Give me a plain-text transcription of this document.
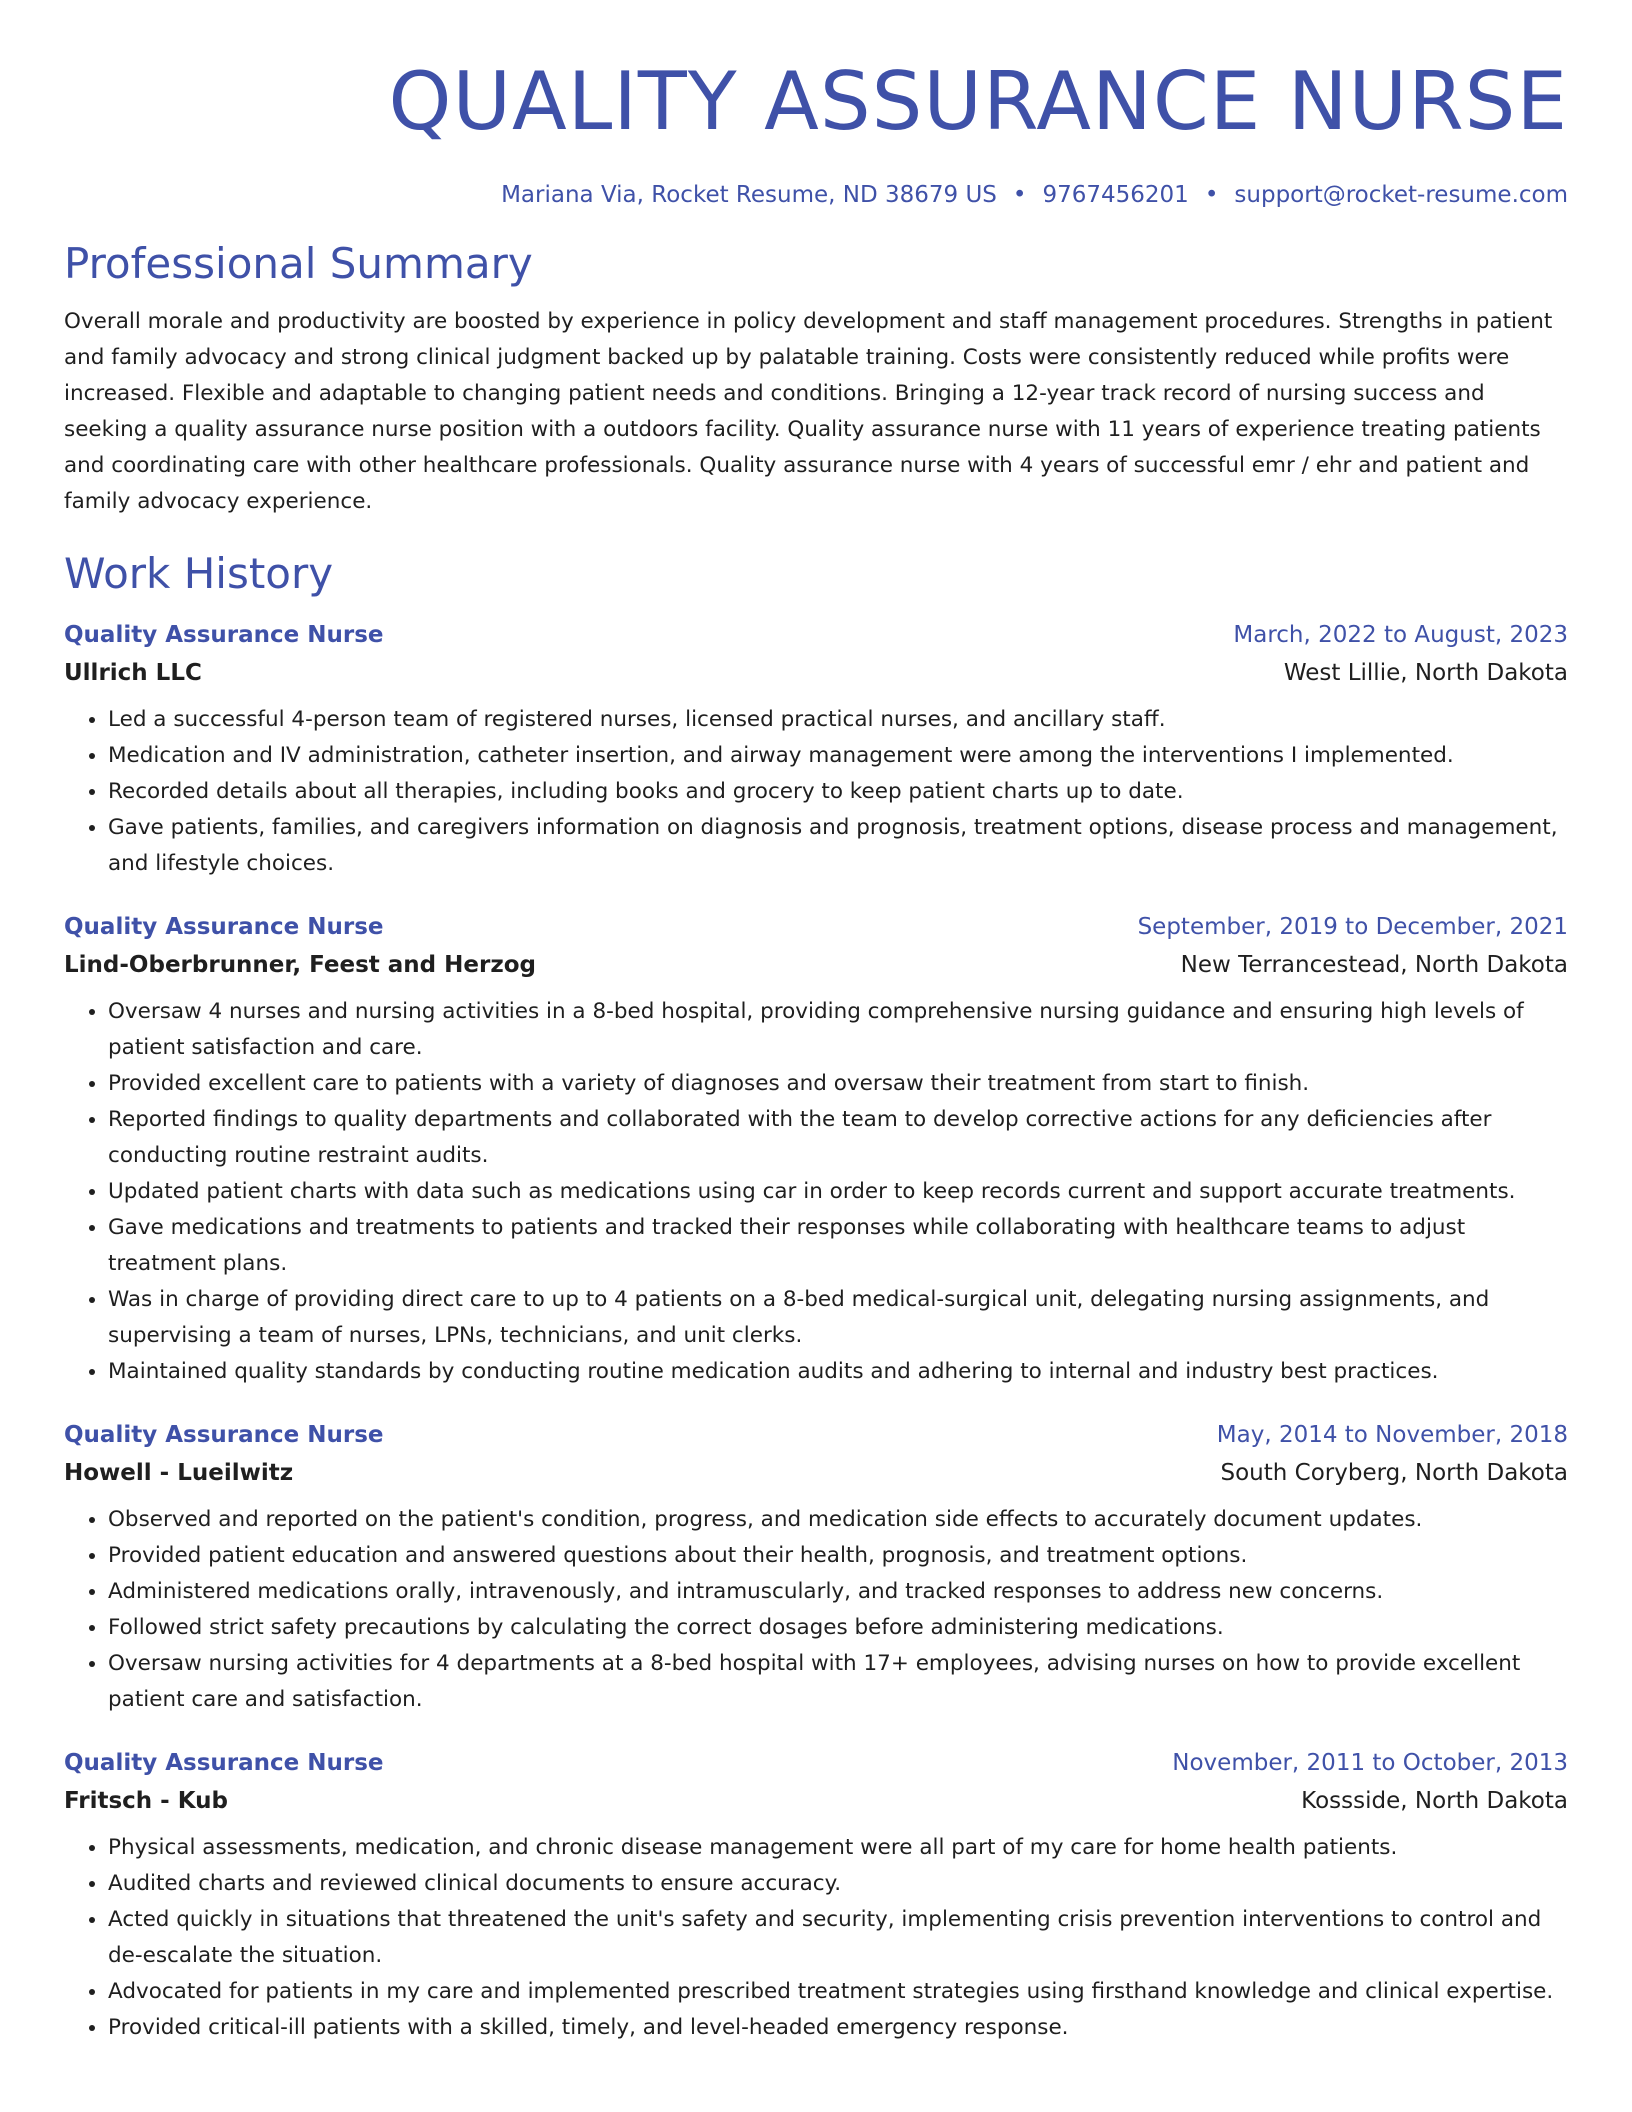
QUALITY ASSURANCE NURSE
Mariana Via, Rocket Resume, ND 38679 US • 9767456201 • support@rocket-resume.com
Professional Summary
Overall morale and productivity are boosted by experience in policy development and staff management procedures. Strengths in patient and family advocacy and strong clinical judgment backed up by palatable training. Costs were consistently reduced while profits were increased. Flexible and adaptable to changing patient needs and conditions. Bringing a 12-year track record of nursing success and seeking a quality assurance nurse position with a outdoors facility. Quality assurance nurse with 11 years of experience treating patients and coordinating care with other healthcare professionals. Quality assurance nurse with 4 years of successful emr / ehr and patient and family advocacy experience.
Work History
Quality Assurance Nurse	March, 2022 to August, 2023
Ullrich LLC	West Lillie, North Dakota
• Led a successful 4-person team of registered nurses, licensed practical nurses, and ancillary staff.
• Medication and IV administration, catheter insertion, and airway management were among the interventions I implemented.
• Recorded details about all therapies, including books and grocery to keep patient charts up to date.
• Gave patients, families, and caregivers information on diagnosis and prognosis, treatment options, disease process and management, and lifestyle choices.
Quality Assurance Nurse	September, 2019 to December, 2021
Lind-Oberbrunner, Feest and Herzog	New Terrancestead, North Dakota
• Oversaw 4 nurses and nursing activities in a 8-bed hospital, providing comprehensive nursing guidance and ensuring high levels of patient satisfaction and care.
• Provided excellent care to patients with a variety of diagnoses and oversaw their treatment from start to finish.
• Reported findings to quality departments and collaborated with the team to develop corrective actions for any deficiencies after conducting routine restraint audits.
• Updated patient charts with data such as medications using car in order to keep records current and support accurate treatments.
• Gave medications and treatments to patients and tracked their responses while collaborating with healthcare teams to adjust treatment plans.
• Was in charge of providing direct care to up to 4 patients on a 8-bed medical-surgical unit, delegating nursing assignments, and supervising a team of nurses, LPNs, technicians, and unit clerks.
• Maintained quality standards by conducting routine medication audits and adhering to internal and industry best practices.
Quality Assurance Nurse	May, 2014 to November, 2018
Howell - Lueilwitz	South Coryberg, North Dakota
• Observed and reported on the patient's condition, progress, and medication side effects to accurately document updates.
• Provided patient education and answered questions about their health, prognosis, and treatment options.
• Administered medications orally, intravenously, and intramuscularly, and tracked responses to address new concerns.
• Followed strict safety precautions by calculating the correct dosages before administering medications.
• Oversaw nursing activities for 4 departments at a 8-bed hospital with 17+ employees, advising nurses on how to provide excellent patient care and satisfaction.
Quality Assurance Nurse	November, 2011 to October, 2013
Fritsch - Kub	Kossside, North Dakota
• Physical assessments, medication, and chronic disease management were all part of my care for home health patients.
• Audited charts and reviewed clinical documents to ensure accuracy.
• Acted quickly in situations that threatened the unit's safety and security, implementing crisis prevention interventions to control and de-escalate the situation.
• Advocated for patients in my care and implemented prescribed treatment strategies using firsthand knowledge and clinical expertise.
• Provided critical-ill patients with a skilled, timely, and level-headed emergency response.
